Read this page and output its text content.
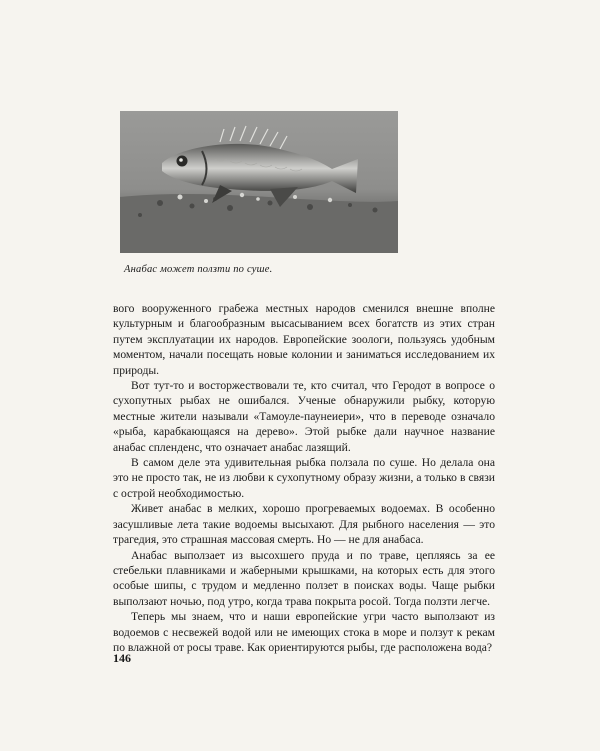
Анабас может ползти по суше.

вого вооруженного грабежа местных народов сменился внешне вполне культурным и благообразным высасыванием всех богатств из этих стран путем эксплуатации их народов. Европейские зоологи, пользуясь удобным моментом, начали посещать новые колонии и заниматься исследованием их природы.

Вот тут-то и восторжествовали те, кто считал, что Геродот в вопросе о сухопутных рыбах не ошибался. Ученые обнаружили рыбку, которую местные жители называли «Тамоуле-паунеиери», что в переводе означало «рыба, карабкающаяся на дерево». Этой рыбке дали научное название анабас спленденс, что означает анабас лазящий.

В самом деле эта удивительная рыбка ползала по суше. Но делала она это не просто так, не из любви к сухопутному образу жизни, а только в связи с острой необходимостью.

Живет анабас в мелких, хорошо прогреваемых водоемах. В особенно засушливые лета такие водоемы высыхают. Для рыбного населения — это трагедия, это страшная массовая смерть. Но — не для анабаса.

Анабас выползает из высохшего пруда и по траве, цепляясь за ее стебельки плавниками и жаберными крышками, на которых есть для этого особые шипы, с трудом и медленно ползет в поисках воды. Чаще рыбки выползают ночью, под утро, когда трава покрыта росой. Тогда ползти легче.

Теперь мы знаем, что и наши европейские угри часто выползают из водоемов с несвежей водой или не имеющих стока в море и ползут к рекам по влажной от росы траве. Как ориентируются рыбы, где расположена вода?

146
